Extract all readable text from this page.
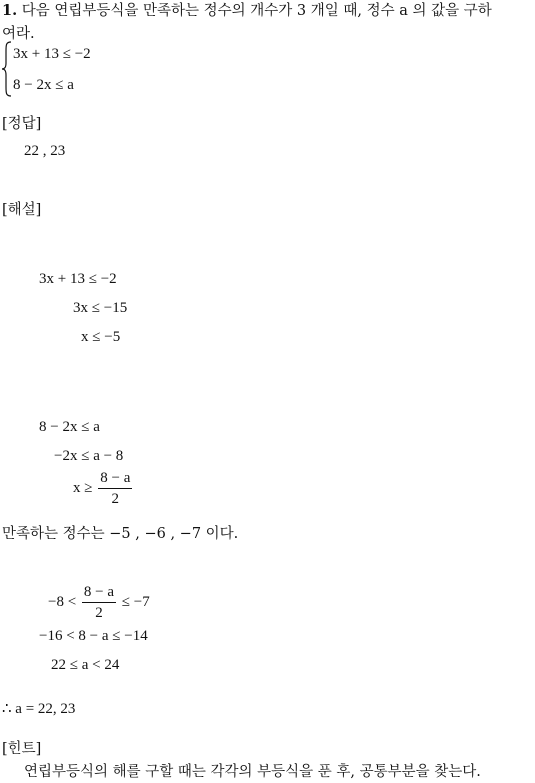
1. 다음 연립부등식을 만족하는 정수의 개수가 3 개일 때, 정수 a 의 값을 구하
여라.
3x + 13 ≤ −2
8 − 2x ≤ a
[정답]
22 , 23
[해설]
3x + 13 ≤ −2
3x ≤ −15
x ≤ −5
8 − 2x ≤ a
−2x ≤ a − 8
$x \ge \frac{8 - a}{2}$
만족하는 정수는 −5 , −6 , −7 이다.
$-8 < \frac{8 - a}{2} \le -7$
−16 < 8 − a ≤ −14
22 ≤ a < 24
∴ a = 22, 23
[힌트]
연립부등식의 해를 구할 때는 각각의 부등식을 푼 후, 공통부분을 찾는다.
